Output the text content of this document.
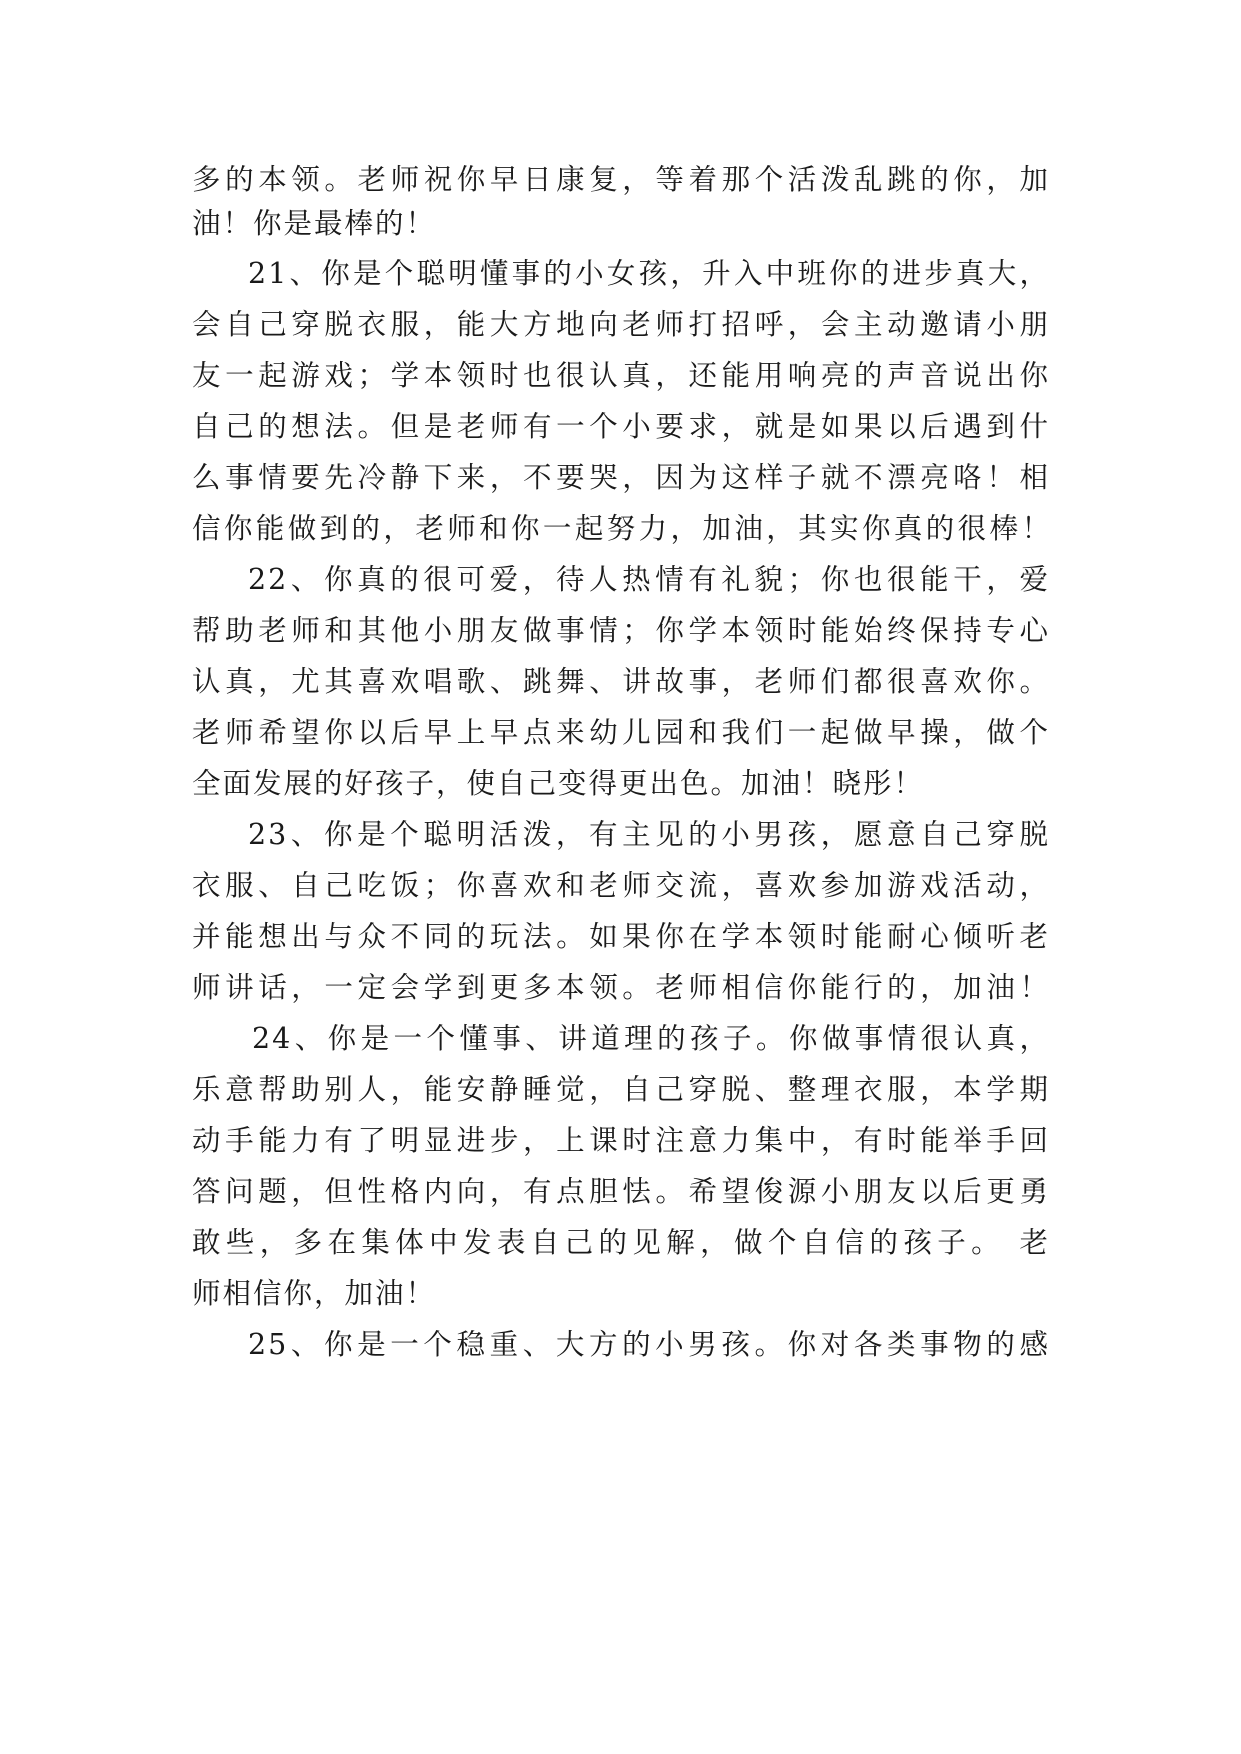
多的本领。老师祝你早日康复，等着那个活泼乱跳的你，加
油！你是最棒的！
21、你是个聪明懂事的小女孩，升入中班你的进步真大，
会自己穿脱衣服，能大方地向老师打招呼，会主动邀请小朋
友一起游戏；学本领时也很认真，还能用响亮的声音说出你
自己的想法。但是老师有一个小要求，就是如果以后遇到什
么事情要先冷静下来，不要哭，因为这样子就不漂亮咯！相
信你能做到的，老师和你一起努力，加油，其实你真的很棒！
22、你真的很可爱，待人热情有礼貌；你也很能干，爱
帮助老师和其他小朋友做事情；你学本领时能始终保持专心
认真，尤其喜欢唱歌、跳舞、讲故事，老师们都很喜欢你。
老师希望你以后早上早点来幼儿园和我们一起做早操，做个
全面发展的好孩子，使自己变得更出色。加油！晓彤！
23、你是个聪明活泼，有主见的小男孩，愿意自己穿脱
衣服、自己吃饭；你喜欢和老师交流，喜欢参加游戏活动，
并能想出与众不同的玩法。如果你在学本领时能耐心倾听老
师讲话，一定会学到更多本领。老师相信你能行的，加油！
24、你是一个懂事、讲道理的孩子。你做事情很认真，
乐意帮助别人，能安静睡觉，自己穿脱、整理衣服，本学期
动手能力有了明显进步，上课时注意力集中，有时能举手回
答问题，但性格内向，有点胆怯。希望俊源小朋友以后更勇
敢些，多在集体中发表自己的见解，做个自信的孩子。 老
师相信你，加油！
25、你是一个稳重、大方的小男孩。你对各类事物的感
